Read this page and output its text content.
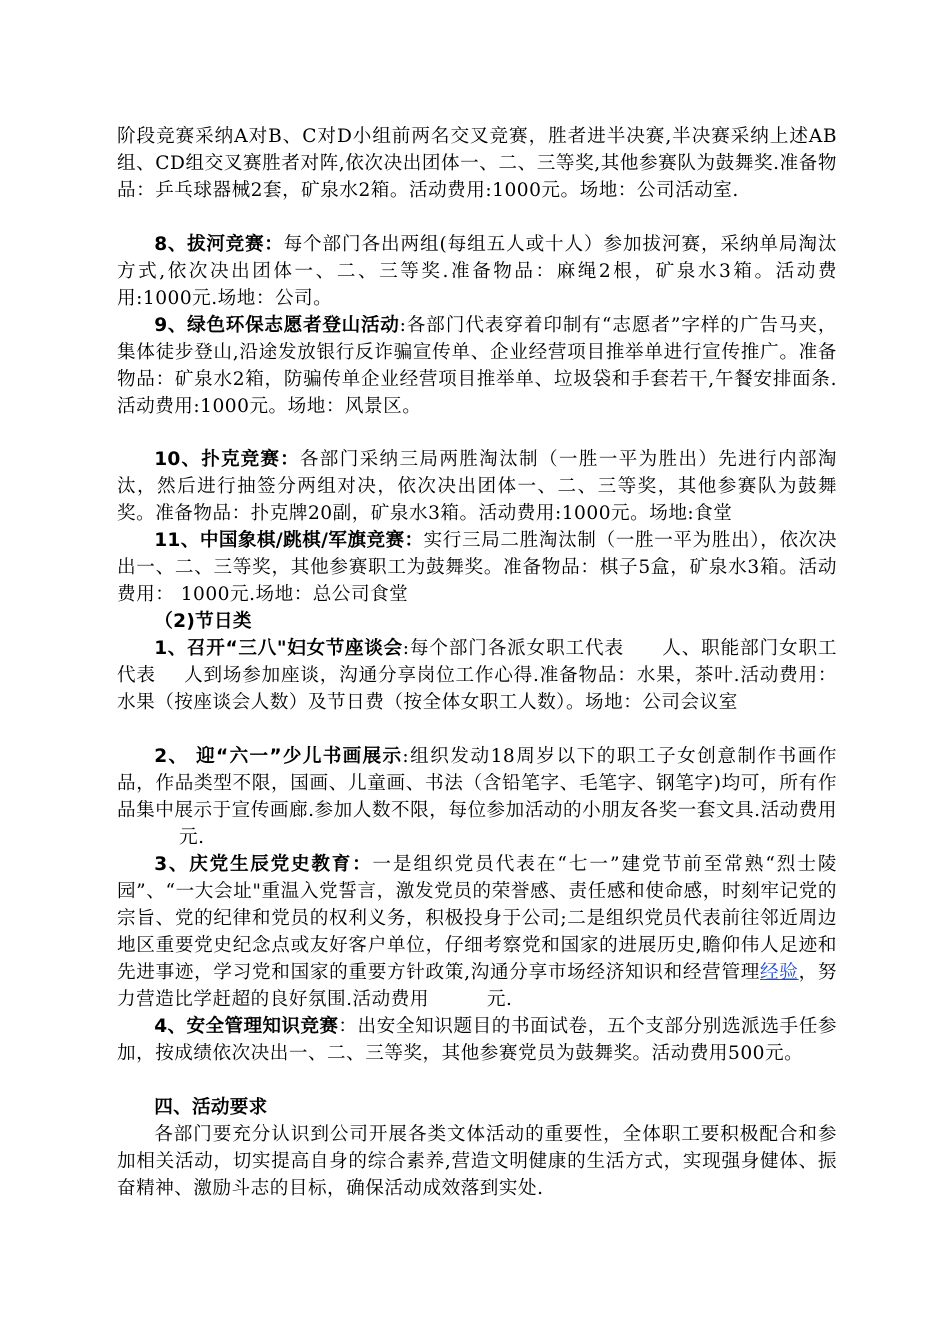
阶段竞赛采纳A对B、C对D小组前两名交叉竞赛，胜者进半决赛,半决赛采纳上述AB组、CD组交叉赛胜者对阵,依次决出团体一、二、三等奖,其他参赛队为鼓舞奖.准备物品：乒乓球器械2套，矿泉水2箱。活动费用:1000元。场地：公司活动室.
8、拔河竞赛：每个部门各出两组(每组五人或十人）参加拔河赛，采纳单局淘汰方式,依次决出团体一、二、三等奖.准备物品：麻绳2根，矿泉水3箱。活动费用:1000元.场地：公司。
9、绿色环保志愿者登山活动:各部门代表穿着印制有“志愿者”字样的广告马夹，集体徒步登山,沿途发放银行反诈骗宣传单、企业经营项目推举单进行宣传推广。准备物品：矿泉水2箱，防骗传单企业经营项目推举单、垃圾袋和手套若干,午餐安排面条.活动费用:1000元。场地：风景区。
10、扑克竞赛：各部门采纳三局两胜淘汰制（一胜一平为胜出）先进行内部淘汰，然后进行抽签分两组对决，依次决出团体一、二、三等奖，其他参赛队为鼓舞奖。准备物品：扑克牌20副，矿泉水3箱。活动费用:1000元。场地:食堂
11、中国象棋/跳棋/军旗竞赛：实行三局二胜淘汰制（一胜一平为胜出），依次决出一、二、三等奖，其他参赛职工为鼓舞奖。准备物品：棋子5盒，矿泉水3箱。活动费用： 1000元.场地：总公司食堂
（2)节日类
1、召开“三八"妇女节座谈会:每个部门各派女职工代表 人、职能部门女职工代表 人到场参加座谈，沟通分享岗位工作心得.准备物品：水果，茶叶.活动费用：水果（按座谈会人数）及节日费（按全体女职工人数）。场地：公司会议室
2、 迎“六一”少儿书画展示:组织发动18周岁以下的职工子女创意制作书画作品，作品类型不限，国画、儿童画、书法（含铅笔字、毛笔字、钢笔字)均可，所有作品集中展示于宣传画廊.参加人数不限，每位参加活动的小朋友各奖一套文具.活动费用元.
3、庆党生辰党史教育：一是组织党员代表在“七一”建党节前至常熟“烈士陵园”、“一大会址"重温入党誓言，激发党员的荣誉感、责任感和使命感，时刻牢记党的宗旨、党的纪律和党员的权利义务，积极投身于公司;二是组织党员代表前往邻近周边地区重要党史纪念点或友好客户单位，仔细考察党和国家的进展历史,瞻仰伟人足迹和先进事迹，学习党和国家的重要方针政策,沟通分享市场经济知识和经营管理经验，努力营造比学赶超的良好氛围.活动费用	元.
4、安全管理知识竞赛：出安全知识题目的书面试卷，五个支部分别选派选手任参加，按成绩依次决出一、二、三等奖，其他参赛党员为鼓舞奖。活动费用500元。
四、活动要求
各部门要充分认识到公司开展各类文体活动的重要性，全体职工要积极配合和参加相关活动，切实提高自身的综合素养,营造文明健康的生活方式，实现强身健体、振奋精神、激励斗志的目标，确保活动成效落到实处.
